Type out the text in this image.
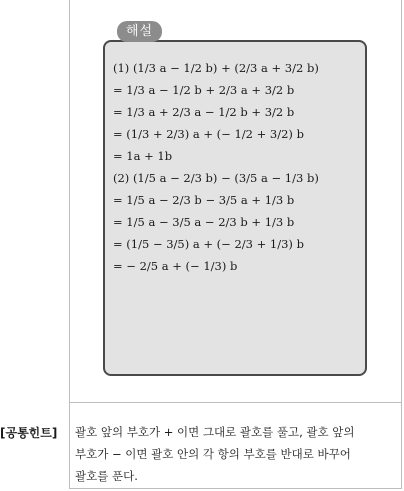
해설
(1) (1/3 a − 1/2 b) + (2/3 a + 3/2 b)
= 1/3 a − 1/2 b + 2/3 a + 3/2 b
= 1/3 a + 2/3 a − 1/2 b + 3/2 b
= (1/3 + 2/3) a + (− 1/2 + 3/2) b
= 1a + 1b
(2) (1/5 a − 2/3 b) − (3/5 a − 1/3 b)
= 1/5 a − 2/3 b − 3/5 a + 1/3 b
= 1/5 a − 3/5 a − 2/3 b + 1/3 b
= (1/5 − 3/5) a + (− 2/3 + 1/3) b
= − 2/5 a + (− 1/3) b
[공통힌트] 괄호 앞의 부호가 + 이면 그대로 괄호를 풀고, 괄호 앞의
부호가 − 이면 괄호 안의 각 항의 부호를 반대로 바꾸어
괄호를 푼다.
